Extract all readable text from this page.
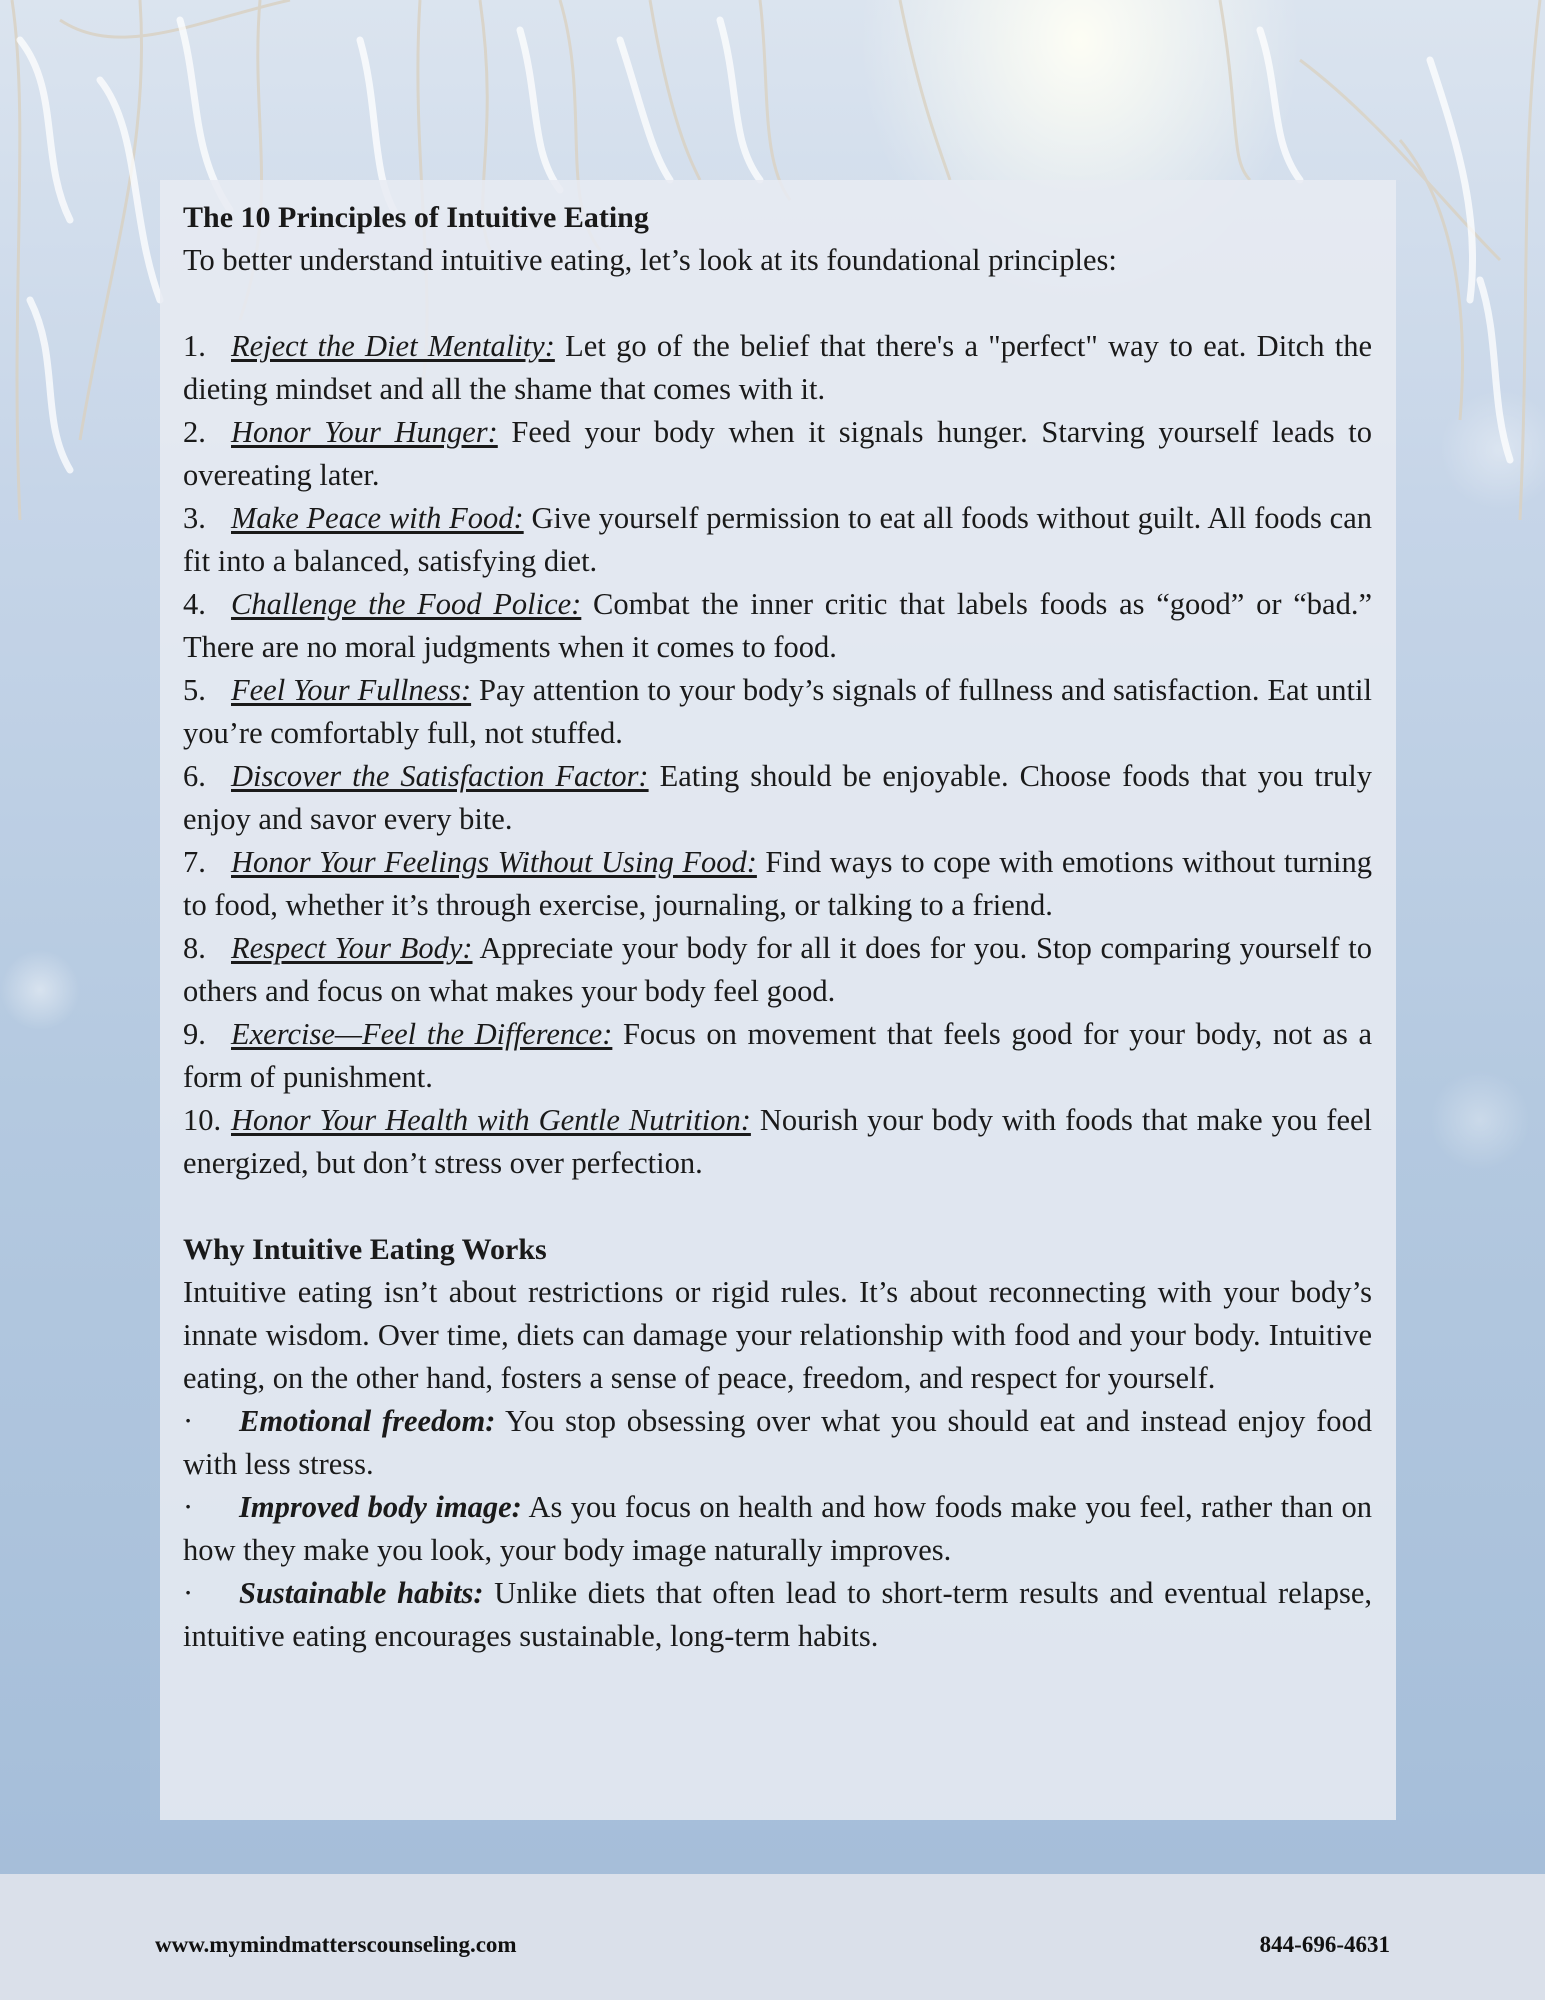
The 10 Principles of Intuitive Eating

To better understand intuitive eating, let’s look at its foundational principles:

1. Reject the Diet Mentality: Let go of the belief that there's a "perfect" way to eat. Ditch the dieting mindset and all the shame that comes with it.

2. Honor Your Hunger: Feed your body when it signals hunger. Starving yourself leads to overeating later.

3. Make Peace with Food: Give yourself permission to eat all foods without guilt. All foods can fit into a balanced, satisfying diet.

4. Challenge the Food Police: Combat the inner critic that labels foods as “good” or “bad.” There are no moral judgments when it comes to food.

5. Feel Your Fullness: Pay attention to your body’s signals of fullness and satisfaction. Eat until you’re comfortably full, not stuffed.

6. Discover the Satisfaction Factor: Eating should be enjoyable. Choose foods that you truly enjoy and savor every bite.

7. Honor Your Feelings Without Using Food: Find ways to cope with emotions without turning to food, whether it’s through exercise, journaling, or talking to a friend.

8. Respect Your Body: Appreciate your body for all it does for you. Stop comparing yourself to others and focus on what makes your body feel good.

9. Exercise—Feel the Difference: Focus on movement that feels good for your body, not as a form of punishment.

10. Honor Your Health with Gentle Nutrition: Nourish your body with foods that make you feel energized, but don’t stress over perfection.

Why Intuitive Eating Works

Intuitive eating isn’t about restrictions or rigid rules. It’s about reconnecting with your body’s innate wisdom. Over time, diets can damage your relationship with food and your body. Intuitive eating, on the other hand, fosters a sense of peace, freedom, and respect for yourself.

· Emotional freedom: You stop obsessing over what you should eat and instead enjoy food with less stress.

· Improved body image: As you focus on health and how foods make you feel, rather than on how they make you look, your body image naturally improves.

· Sustainable habits: Unlike diets that often lead to short-term results and eventual relapse, intuitive eating encourages sustainable, long-term habits.

www.mymindmatterscounseling.com	844-696-4631
